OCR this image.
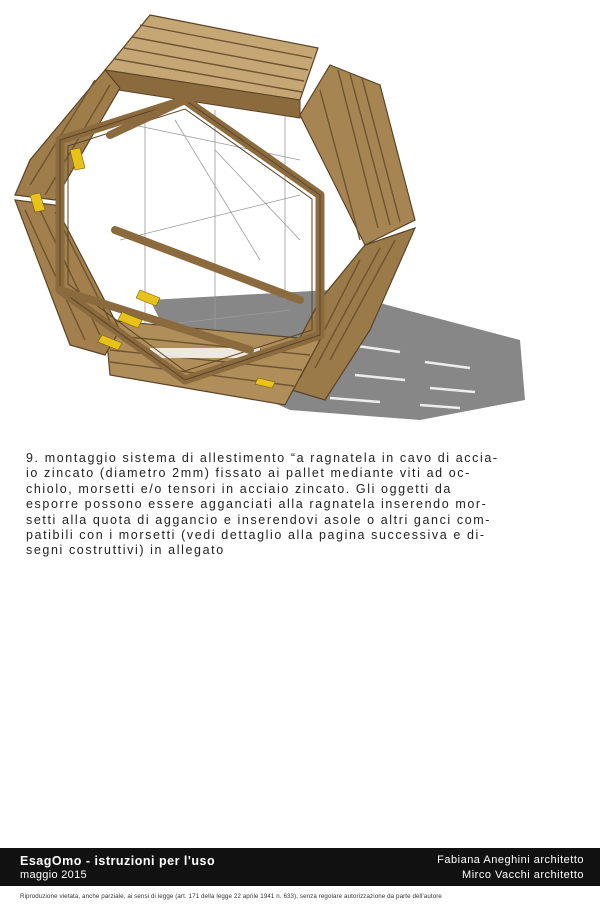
9. montaggio sistema di allestimento “a ragnatela in cavo di accia-
io zincato (diametro 2mm) fissato ai pallet mediante viti ad oc-
chiolo, morsetti e/o tensori in acciaio zincato. Gli oggetti da
esporre possono essere agganciati alla ragnatela inserendo mor-
setti alla quota di aggancio e inserendovi asole o altri ganci com-
patibili con i morsetti (vedi dettaglio alla pagina successiva e di-
segni costruttivi) in allegato
EsagOmo - istruzioni per l'uso
maggio 2015
Fabiana Aneghini architetto
Mirco Vacchi architetto
Riproduzione vietata, anche parziale, ai sensi di legge (art. 171 della legge 22 aprile 1941 n. 633), senza regolare autorizzazione da parte dell'autore
